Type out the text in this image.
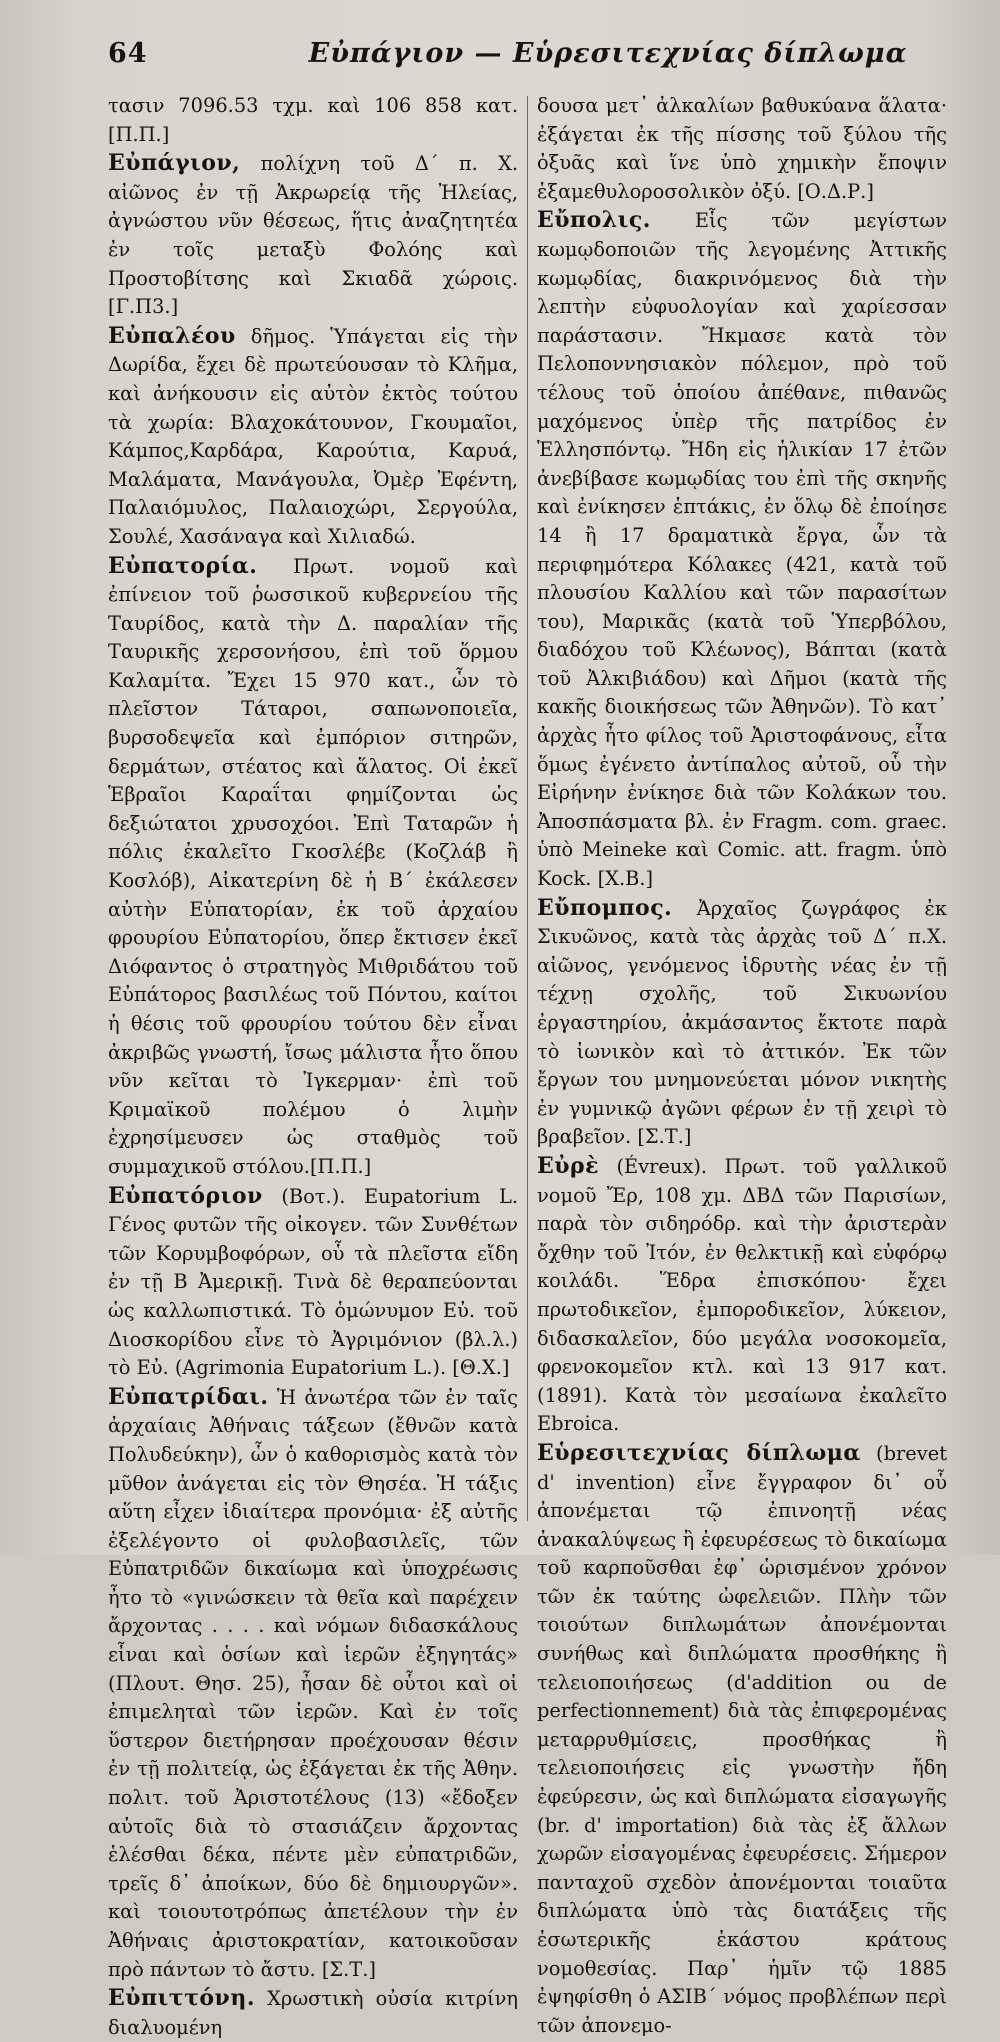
64	Εὐπάγιον — Εὑρεσιτεχνίας δίπλωμα

τασιν 7096.53 τχμ. καὶ 106 858 κατ. [Π.Π.]

Εὐπάγιον, πολίχνη τοῦ Δ΄ π. Χ. αἰῶνος ἐν τῇ Ἀκρωρείᾳ τῆς Ἠλείας, ἀγνώστου νῦν θέσεως, ἥτις ἀναζητητέα ἐν τοῖς μεταξὺ Φολόης καὶ Προστοβίτσης καὶ Σκιαδᾶ χώροις. [Γ.Π3.]

Εὐπαλέου δῆμος. Ὑπάγεται εἰς τὴν Δωρίδα, ἔχει δὲ πρωτεύουσαν τὸ Κλῆμα, καὶ ἀνήκουσιν εἰς αὐτὸν ἐκτὸς τούτου τὰ χωρία: Βλαχοκάτουνον, Γκουμαῖοι, Κάμπος,Καρδάρα, Καρούτια, Καρυά, Μαλάματα, Μανάγουλα, Ὀμὲρ Ἐφέντη, Παλαιόμυλος, Παλαιοχώρι, Σεργούλα, Σουλέ, Χασάναγα καὶ Χιλιαδώ.

Εὐπατορία. Πρωτ. νομοῦ καὶ ἐπίνειον τοῦ ῥωσσικοῦ κυβερνείου τῆς Ταυρίδος, κατὰ τὴν Δ. παραλίαν τῆς Ταυρικῆς χερσονήσου, ἐπὶ τοῦ ὅρμου Καλαμίτα. Ἔχει 15 970 κατ., ὧν τὸ πλεῖστον Τάταροι, σαπωνοποιεῖα, βυρσοδεψεῖα καὶ ἐμπόριον σιτηρῶν, δερμάτων, στέατος καὶ ἅλατος. Οἱ ἐκεῖ Ἑβραῖοι Καραΐται φημίζονται ὡς δεξιώτατοι χρυσοχόοι. Ἐπὶ Ταταρῶν ἡ πόλις ἐκαλεῖτο Γκοσλέβε (Κοζλάβ ἢ Κοσλόβ), Αἰκατερίνη δὲ ἡ Β΄ ἐκάλεσεν αὐτὴν Εὐπατορίαν, ἐκ τοῦ ἀρχαίου φρουρίου Εὐπατορίου, ὅπερ ἔκτισεν ἐκεῖ Διόφαντος ὁ στρατηγὸς Μιθριδάτου τοῦ Εὐπάτορος βασιλέως τοῦ Πόντου, καίτοι ἡ θέσις τοῦ φρουρίου τούτου δὲν εἶναι ἀκριβῶς γνωστή, ἴσως μάλιστα ἦτο ὅπου νῦν κεῖται τὸ Ἰγκερμαν· ἐπὶ τοῦ Κριμαϊκοῦ πολέμου ὁ λιμὴν ἐχρησίμευσεν ὡς σταθμὸς τοῦ συμμαχικοῦ στόλου.[Π.Π.]

Εὐπατόριον (Βοτ.). Eupatorium L. Γένος φυτῶν τῆς οἰκογεν. τῶν Συνθέτων τῶν Κορυμβοφόρων, οὗ τὰ πλεῖστα εἴδη ἐν τῇ Β Ἀμερικῇ. Τινὰ δὲ θεραπεύονται ὡς καλλωπιστικά. Τὸ ὁμώνυμον Εὐ. τοῦ Διοσκορίδου εἶνε τὸ Ἀγριμόνιον (βλ.λ.) τὸ Εὐ. (Agrimonia Eupatorium L.). [Θ.Χ.]

Εὐπατρίδαι. Ἡ ἀνωτέρα τῶν ἐν ταῖς ἀρχαίαις Ἀθήναις τάξεων (ἔθνῶν κατὰ Πολυδεύκην), ὧν ὁ καθορισμὸς κατὰ τὸν μῦθον ἀνάγεται εἰς τὸν Θησέα. Ἡ τάξις αὕτη εἶχεν ἰδιαίτερα προνόμια· ἐξ αὐτῆς ἐξελέγοντο οἱ φυλοβασιλεῖς, τῶν Εὐπατριδῶν δικαίωμα καὶ ὑποχρέωσις ἦτο τὸ «γινώσκειν τὰ θεῖα καὶ παρέχειν ἄρχοντας . . . . καὶ νόμων διδασκάλους εἶναι καὶ ὁσίων καὶ ἱερῶν ἐξηγητάς» (Πλουτ. Θησ. 25), ἦσαν δὲ οὗτοι καὶ οἱ ἐπιμεληταὶ τῶν ἱερῶν. Καὶ ἐν τοῖς ὕστερον διετήρησαν προέχουσαν θέσιν ἐν τῇ πολιτείᾳ, ὡς ἐξάγεται ἐκ τῆς Ἀθην. πολιτ. τοῦ Ἀριστοτέλους (13) «ἔδοξεν αὐτοῖς διὰ τὸ στασιάζειν ἄρχοντας ἑλέσθαι δέκα, πέντε μὲν εὐπατριδῶν, τρεῖς δ᾽ ἀποίκων, δύο δὲ δημιουργῶν». καὶ τοιουτοτρόπως ἀπετέλουν τὴν ἐν Ἀθήναις ἀριστοκρατίαν, κατοικοῦσαν πρὸ πάντων τὸ ἄστυ. [Σ.Τ.]

Εὐπιττόνη. Χρωστικὴ οὐσία κιτρίνη διαλυομένη

δουσα μετ᾽ ἀλκαλίων βαθυκύανα ἅλατα· ἐξάγεται ἐκ τῆς πίσσης τοῦ ξύλου τῆς ὀξυᾶς καὶ ἵνε ὑπὸ χημικὴν ἔποψιν ἑξαμεθυλοροσολικὸν ὀξύ. [Ο.Δ.Ρ.]

Εὔπολις. Εἷς τῶν μεγίστων κωμῳδοποιῶν τῆς λεγομένης Ἀττικῆς κωμῳδίας, διακρινόμενος διὰ τὴν λεπτὴν εὐφυολογίαν καὶ χαρίεσσαν παράστασιν. Ἤκμασε κατὰ τὸν Πελοποννησιακὸν πόλεμον, πρὸ τοῦ τέλους τοῦ ὁποίου ἀπέθανε, πιθανῶς μαχόμενος ὑπὲρ τῆς πατρίδος ἐν Ἑλλησπόντῳ. Ἤδη εἰς ἡλικίαν 17 ἐτῶν ἀνεβίβασε κωμῳδίας του ἐπὶ τῆς σκηνῆς καὶ ἐνίκησεν ἑπτάκις, ἐν ὅλῳ δὲ ἐποίησε 14 ἢ 17 δραματικὰ ἔργα, ὧν τὰ περιφημότερα Κόλακες (421, κατὰ τοῦ πλουσίου Καλλίου καὶ τῶν παρασίτων του), Μαρικᾶς (κατὰ τοῦ Ὑπερβόλου, διαδόχου τοῦ Κλέωνος), Βάπται (κατὰ τοῦ Ἀλκιβιάδου) καὶ Δῆμοι (κατὰ τῆς κακῆς διοικήσεως τῶν Ἀθηνῶν). Τὸ κατ᾽ ἀρχὰς ἦτο φίλος τοῦ Ἀριστοφάνους, εἶτα ὅμως ἐγένετο ἀντίπαλος αὐτοῦ, οὗ τὴν Εἰρήνην ἐνίκησε διὰ τῶν Κολάκων του. Ἀποσπάσματα βλ. ἐν Fragm. com. graec. ὑπὸ Meineke καὶ Comic. att. fragm. ὑπὸ Kock. [Χ.Β.]

Εὔπομπος. Ἀρχαῖος ζωγράφος ἐκ Σικυῶνος, κατὰ τὰς ἀρχὰς τοῦ Δ΄ π.Χ. αἰῶνος, γενόμενος ἱδρυτὴς νέας ἐν τῇ τέχνῃ σχολῆς, τοῦ Σικυωνίου ἐργαστηρίου, ἀκμάσαντος ἔκτοτε παρὰ τὸ ἰωνικὸν καὶ τὸ ἀττικόν. Ἐκ τῶν ἔργων του μνημονεύεται μόνον νικητὴς ἐν γυμνικῷ ἀγῶνι φέρων ἐν τῇ χειρὶ τὸ βραβεῖον. [Σ.Τ.]

Εὐρὲ (Évreux). Πρωτ. τοῦ γαλλικοῦ νομοῦ Ἔρ, 108 χμ. ΔΒΔ τῶν Παρισίων, παρὰ τὸν σιδηρόδρ. καὶ τὴν ἀριστερὰν ὄχθην τοῦ Ἰτόν, ἐν θελκτικῇ καὶ εὐφόρῳ κοιλάδι. Ἕδρα ἐπισκόπου· ἔχει πρωτοδικεῖον, ἐμποροδικεῖον, λύκειον, διδασκαλεῖον, δύο μεγάλα νοσοκομεῖα, φρενοκομεῖον κτλ. καὶ 13 917 κατ. (1891). Κατὰ τὸν μεσαίωνα ἐκαλεῖτο Ebroica.

Εὑρεσιτεχνίας δίπλωμα (brevet d' invention) εἶνε ἔγγραφον δι᾽ οὗ ἀπονέμεται τῷ ἐπινοητῇ νέας ἀνακαλύψεως ἢ ἐφευρέσεως τὸ δικαίωμα τοῦ καρποῦσθαι ἐφ᾽ ὡρισμένον χρόνον τῶν ἐκ ταύτης ὠφελειῶν. Πλὴν τῶν τοιούτων διπλωμάτων ἀπονέμονται συνήθως καὶ διπλώματα προσθήκης ἢ τελειοποιήσεως (d'addition ou de perfectionnement) διὰ τὰς ἐπιφερομένας μεταρρυθμίσεις, προσθήκας ἢ τελειοποιήσεις εἰς γνωστὴν ἤδη ἐφεύρεσιν, ὡς καὶ διπλώματα εἰσαγωγῆς (br. d' importation) διὰ τὰς ἐξ ἄλλων χωρῶν εἰσαγομένας ἐφευρέσεις. Σήμερον πανταχοῦ σχεδὸν ἀπονέμονται τοιαῦτα διπλώματα ὑπὸ τὰς διατάξεις τῆς ἐσωτερικῆς ἑκάστου κράτους νομοθεσίας. Παρ᾽ ἡμῖν τῷ 1885 ἐψηφίσθη ὁ ΑΣΙΒ΄ νόμος προβλέπων περὶ τῶν ἀπονεμο-
